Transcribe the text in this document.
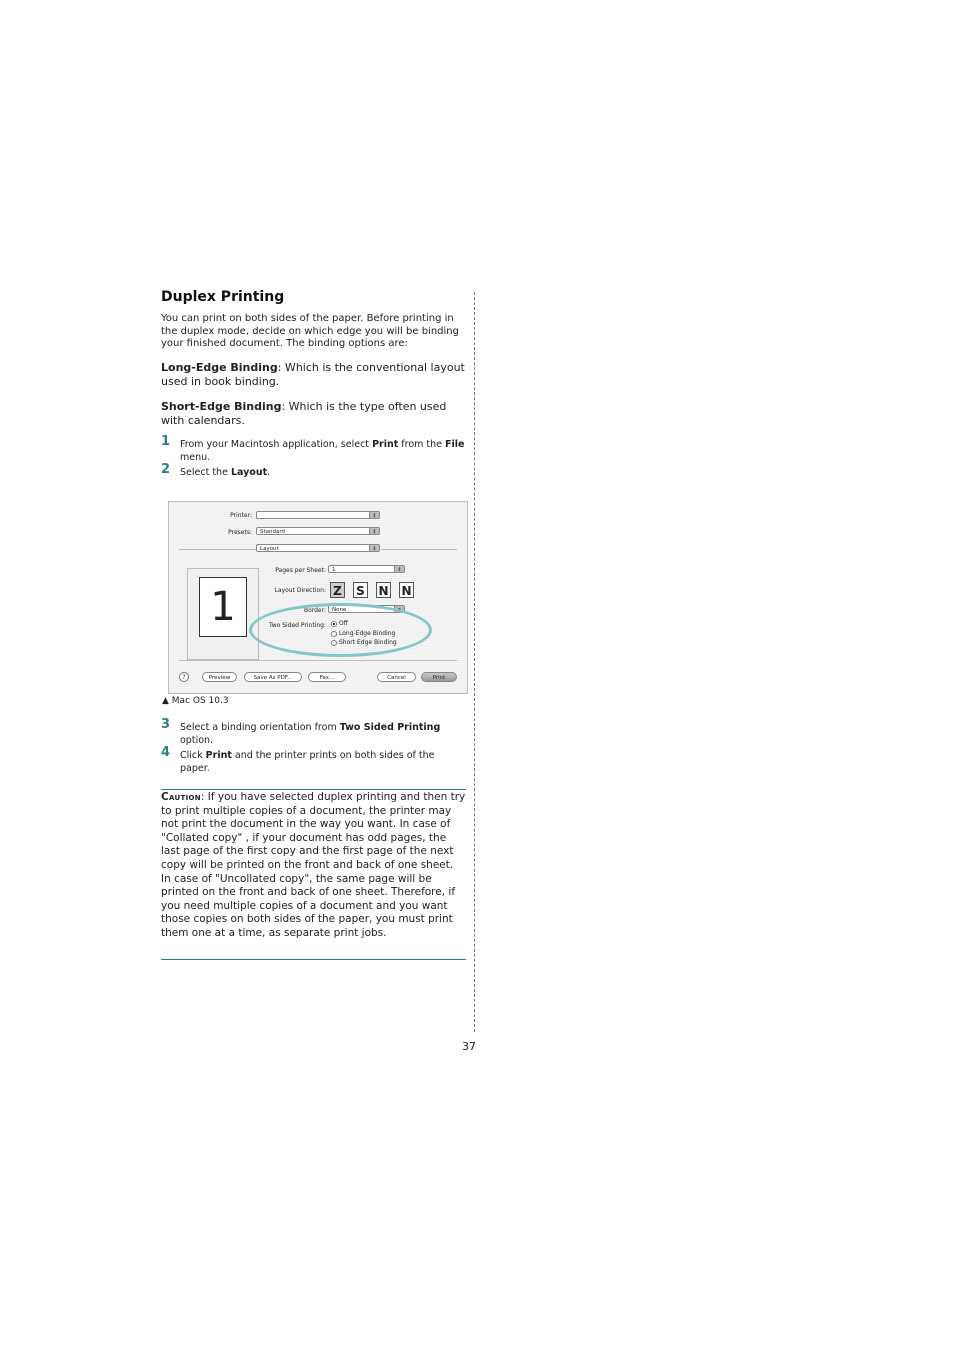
Duplex Printing
You can print on both sides of the paper. Before printing in the duplex mode, decide on which edge you will be binding your finished document. The binding options are:
Long-Edge Binding: Which is the conventional layout used in book binding.
Short-Edge Binding: Which is the type often used with calendars.
1 From your Macintosh application, select Print from the File menu.
2 Select the Layout.
Printer:	⇕
Presets:	Standard	⇕
Layout	⇕
1
Pages per Sheet:	1	⇕
Layout Direction: Z S N N
Border:	None	▾
Two Sided Printing:	Off
Long-Edge Binding
Short Edge Binding
?	Preview	Save As PDF...	Fax...	Cancel	Print
▲ Mac OS 10.3
3 Select a binding orientation from Two Sided Printing option.
4 Click Print and the printer prints on both sides of the paper.
Caution: If you have selected duplex printing and then try to print multiple copies of a document, the printer may not print the document in the way you want. In case of "Collated copy" , if your document has odd pages, the last page of the first copy and the first page of the next copy will be printed on the front and back of one sheet. In case of "Uncollated copy", the same page will be printed on the front and back of one sheet. Therefore, if you need multiple copies of a document and you want those copies on both sides of the paper, you must print them one at a time, as separate print jobs.
37
